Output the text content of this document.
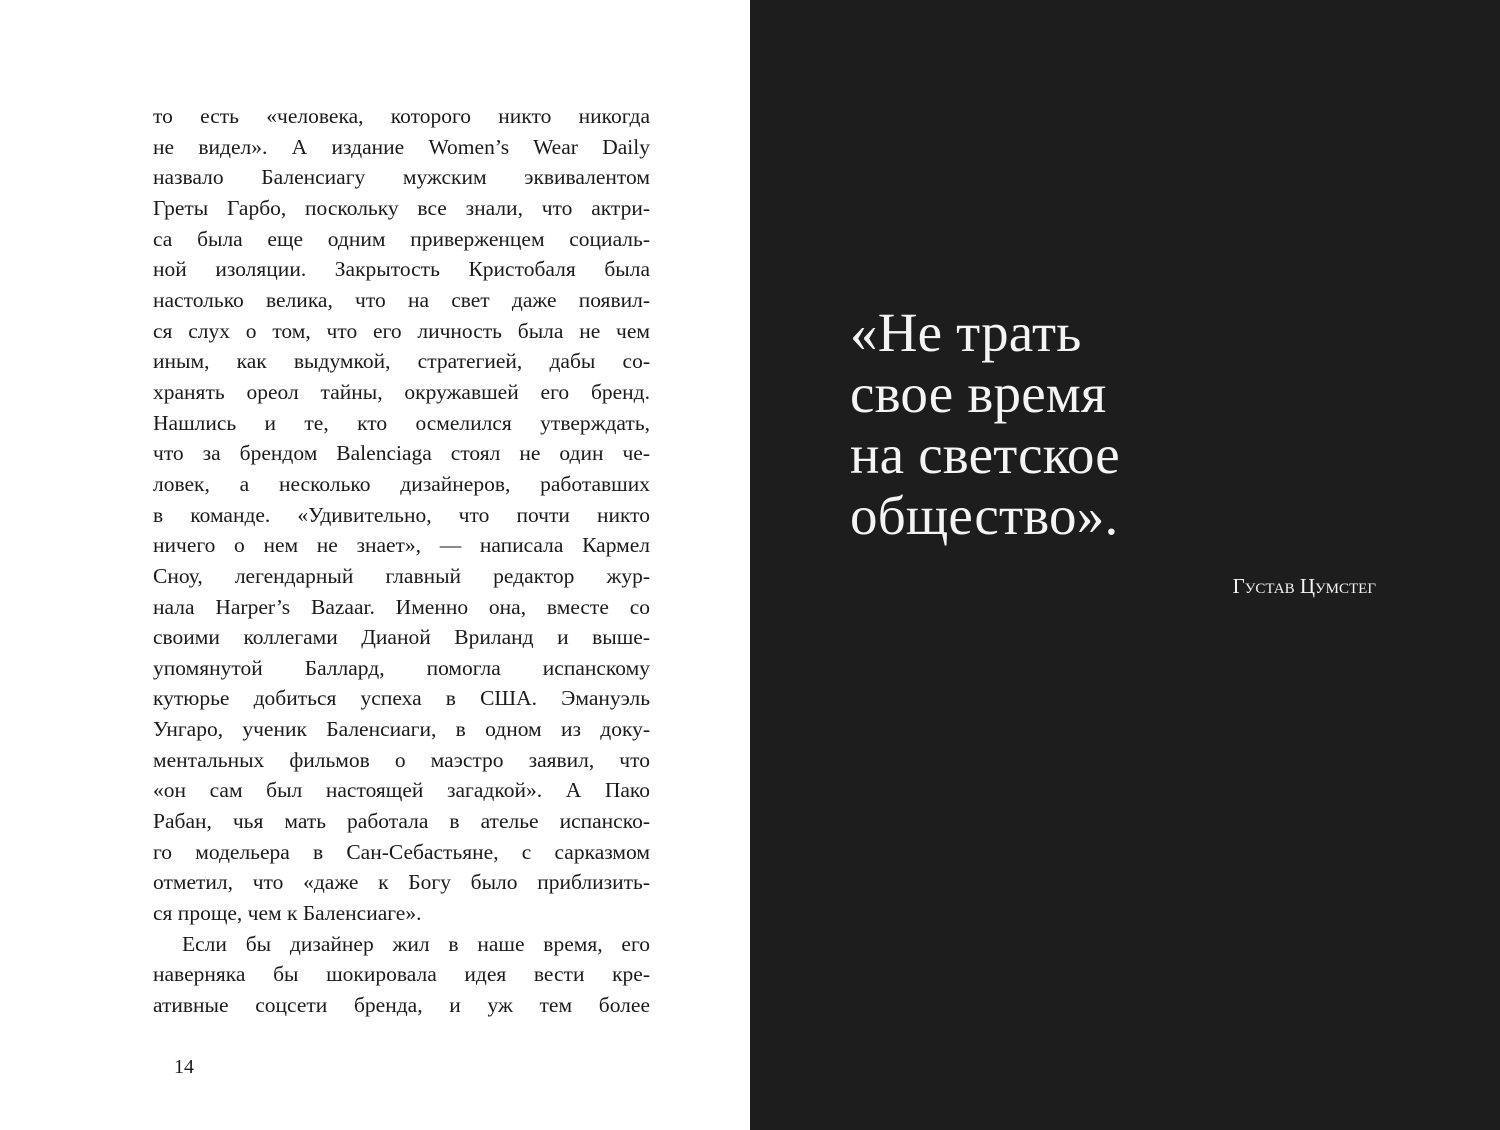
то есть «человека, которого никто никогда
не видел». А издание Women’s Wear Daily
назвало Баленсиагу мужским эквивалентом
Греты Гарбо, поскольку все знали, что актри-
са была еще одним приверженцем социаль-
ной изоляции. Закрытость Кристобаля была
настолько велика, что на свет даже появил-
ся слух о том, что его личность была не чем
иным, как выдумкой, стратегией, дабы со-
хранять ореол тайны, окружавшей его бренд.
Нашлись и те, кто осмелился утверждать,
что за брендом Balenciaga стоял не один че-
ловек, а несколько дизайнеров, работавших
в команде. «Удивительно, что почти никто
ничего о нем не знает», — написала Кармел
Сноу, легендарный главный редактор жур-
нала Harper’s Bazaar. Именно она, вместе со
своими коллегами Дианой Вриланд и выше-
упомянутой Баллард, помогла испанскому
кутюрье добиться успеха в США. Эмануэль
Унгаро, ученик Баленсиаги, в одном из доку-
ментальных фильмов о маэстро заявил, что
«он сам был настоящей загадкой». А Пако
Рабан, чья мать работала в ателье испанско-
го модельера в Сан-Себастьяне, с сарказмом
отметил, что «даже к Богу было приблизить-
ся проще, чем к Баленсиаге».
Если бы дизайнер жил в наше время, его
наверняка бы шокировала идея вести кре-
ативные соцсети бренда, и уж тем более
14
«Не трать
свое время
на светское
общество».
Густав Цумстег
